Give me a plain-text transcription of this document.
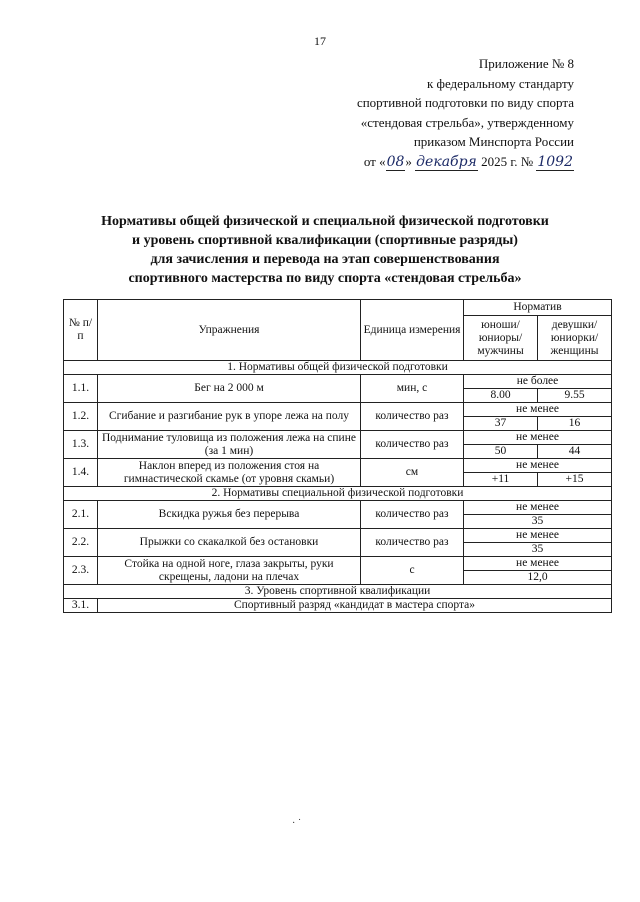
17
Приложение № 8
к федеральному стандарту
спортивной подготовки по виду спорта
«стендовая стрельба», утвержденному
приказом Минспорта России
от «08» декабря 2025 г. № 1092
Нормативы общей физической и специальной физической подготовки
и уровень спортивной квалификации (спортивные разряды)
для зачисления и перевода на этап совершенствования
спортивного мастерства по виду спорта «стендовая стрельба»
№ п/п	Упражнения	Единица измерения	Норматив	
			юноши/ юниоры/ мужчины	девушки/ юниорки/ женщины
1. Нормативы общей физической подготовки				
1.1.	Бег на 2 000 м	мин, с	не более	
			8.00	9.55
1.2.	Сгибание и разгибание рук в упоре лежа на полу	количество раз	не менее	
			37	16
1.3.	Поднимание туловища из положения лежа на спине (за 1 мин)	количество раз	не менее	
			50	44
1.4.	Наклон вперед из положения стоя на гимнастической скамье (от уровня скамьи)	см	не менее	
			+11	+15
2. Нормативы специальной физической подготовки				
2.1.	Вскидка ружья без перерыва	количество раз	не менее	
			35	
2.2.	Прыжки со скакалкой без остановки	количество раз	не менее	
			35	
2.3.	Стойка на одной ноге, глаза закрыты, руки скрещены, ладони на плечах	с	не менее	
			12,0	
3. Уровень спортивной квалификации				
3.1.	Спортивный разряд «кандидат в мастера спорта»			
· ˙
